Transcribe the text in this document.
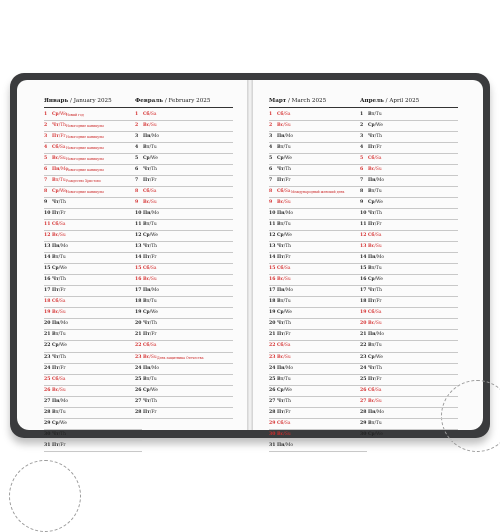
Январь / January 2025
1 Ср/We Новый год
2 Чт/Th Новогодние каникулы
3 Пт/Fr Новогодние каникулы
4 Сб/Sa Новогодние каникулы
5 Вс/Su Новогодние каникулы
6 Пн/Mo
Новогодние каникулы
7 Вт/Tu Рождество Христово
8 Ср/We Новогодние каникулы
9 Чт/Th
10 Пт/Fr
11 Сб/Sa
12 Вс/Su
13 Пн/Mo
14 Вт/Tu
15 Ср/We
16 Чт/Th
17 Пт/Fr
18 Сб/Sa
19 Вс/Su
20 Пн/Mo
21 Вт/Tu
22 Ср/We
23 Чт/Th
24 Пт/Fr
25 Сб/Sa
26 Вс/Su
27 Пн/Mo
28 Вт/Tu
29 Ср/We
30 Чт/Th
31 Пт/Fr
Февраль / February 2025
1 Сб/Sa
2 Вс/Su
3 Пн/Mo
4 Вт/Tu
5 Ср/We
6 Чт/Th
7 Пт/Fr
8 Сб/Sa
9 Вс/Su
10 Пн/Mo
11 Вт/Tu
12 Ср/We
13 Чт/Th
14 Пт/Fr
15 Сб/Sa
16 Вс/Su
17 Пн/Mo
18 Вт/Tu
19 Ср/We
20 Чт/Th
21 Пт/Fr
22 Сб/Sa
23 Вс/Su День защитника Отечества
24 Пн/Mo
25 Вт/Tu
26 Ср/We
27 Чт/Th
28 Пт/Fr
Март / March 2025
1 Сб/Sa
2 Вс/Su
3 Пн/Mo
4 Вт/Tu
5 Ср/We
6 Чт/Th
7 Пт/Fr
8 Сб/Sa Международный женский день
9 Вс/Su
10 Пн/Mo
11 Вт/Tu
12 Ср/We
13 Чт/Th
14 Пт/Fr
15 Сб/Sa
16 Вс/Su
17 Пн/Mo
18 Вт/Tu
19 Ср/We
20 Чт/Th
21 Пт/Fr
22 Сб/Sa
23 Вс/Su
24 Пн/Mo
25 Вт/Tu
26 Ср/We
27 Чт/Th
28 Пт/Fr
29 Сб/Sa
30 Вс/Su
31 Пн/Mo
Апрель / April 2025
1 Вт/Tu
2 Ср/We
3 Чт/Th
4 Пт/Fr
5 Сб/Sa
6 Вс/Su
7 Пн/Mo
8 Вт/Tu
9 Ср/We
10 Чт/Th
11 Пт/Fr
12 Сб/Sa
13 Вс/Su
14 Пн/Mo
15 Вт/Tu
16 Ср/We
17 Чт/Th
18 Пт/Fr
19 Сб/Sa
20 Вс/Su
21 Пн/Mo
22 Вт/Tu
23 Ср/We
24 Чт/Th
25 Пт/Fr
26 Сб/Sa
27 Вс/Su
28 Пн/Mo
29 Вт/Tu
30 Ср/We
